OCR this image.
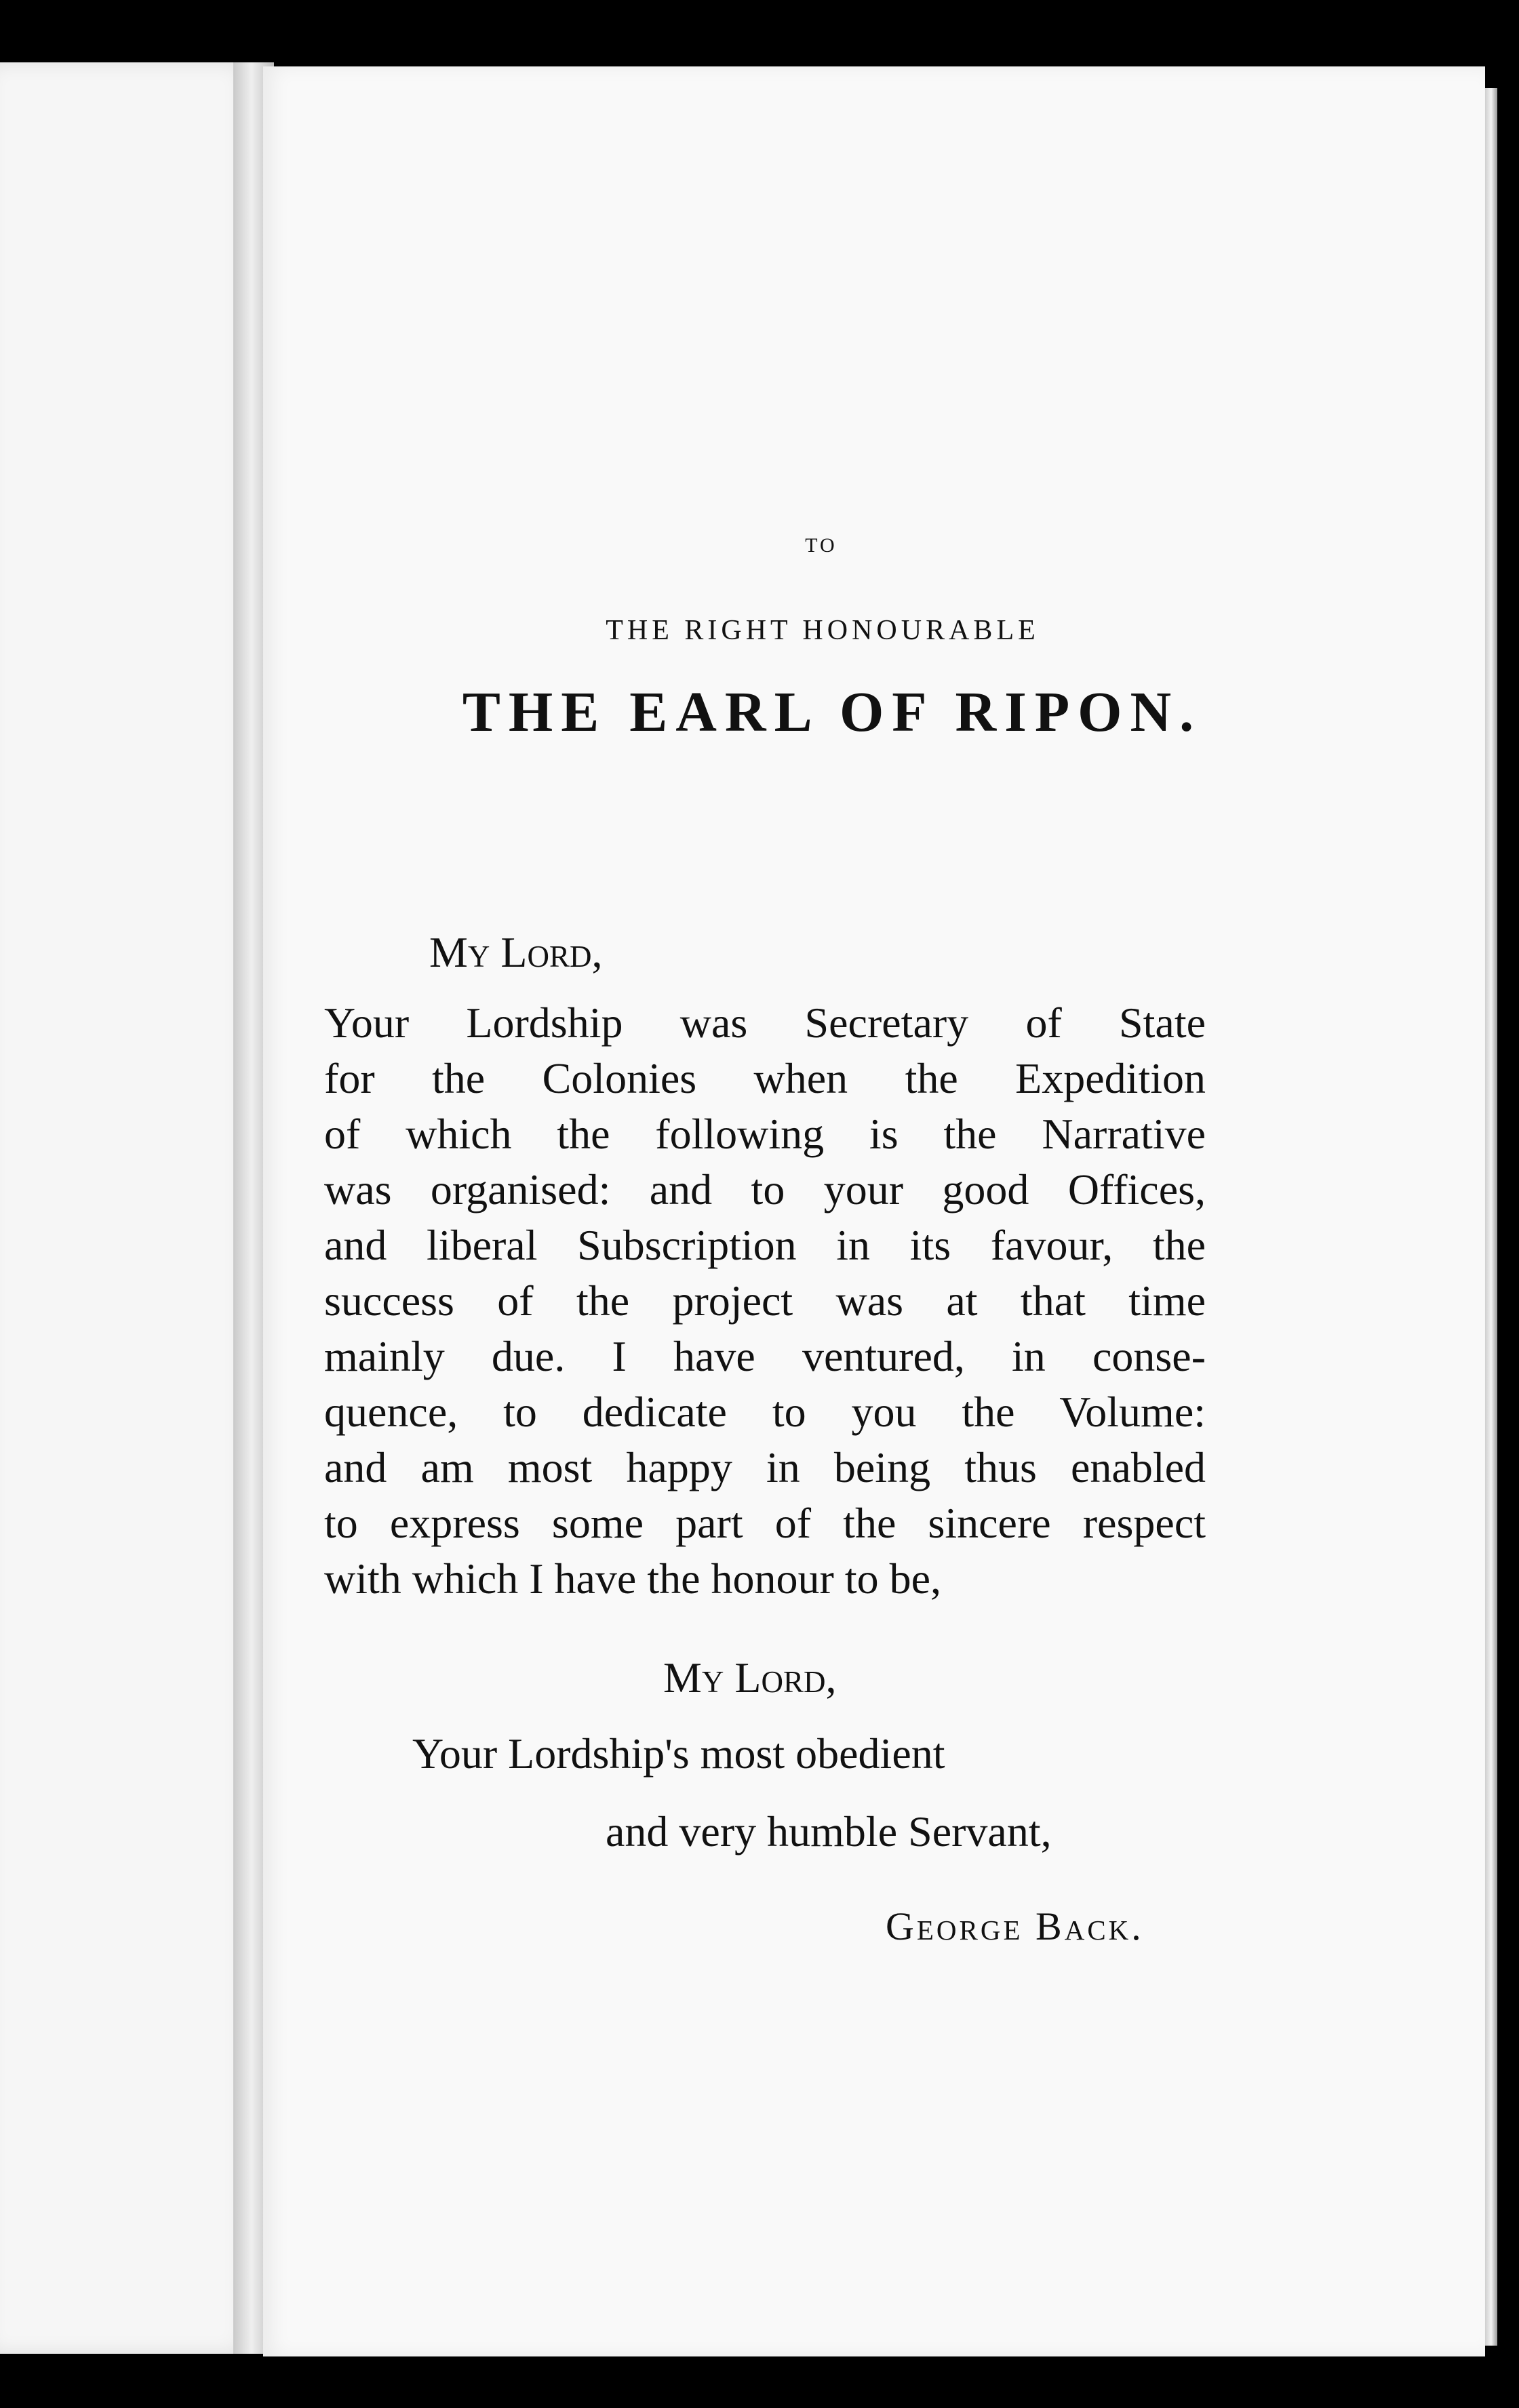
TO
THE RIGHT HONOURABLE
THE EARL OF RIPON.
My Lord,
Your Lordship was Secretary of State
for the Colonies when the Expedition
of which the following is the Narrative
was organised: and to your good Offices,
and liberal Subscription in its favour, the
success of the project was at that time
mainly due. I have ventured, in conse-
quence, to dedicate to you the Volume:
and am most happy in being thus enabled
to express some part of the sincere respect
with which I have the honour to be,
My Lord,
Your Lordship's most obedient
and very humble Servant,
George Back.
